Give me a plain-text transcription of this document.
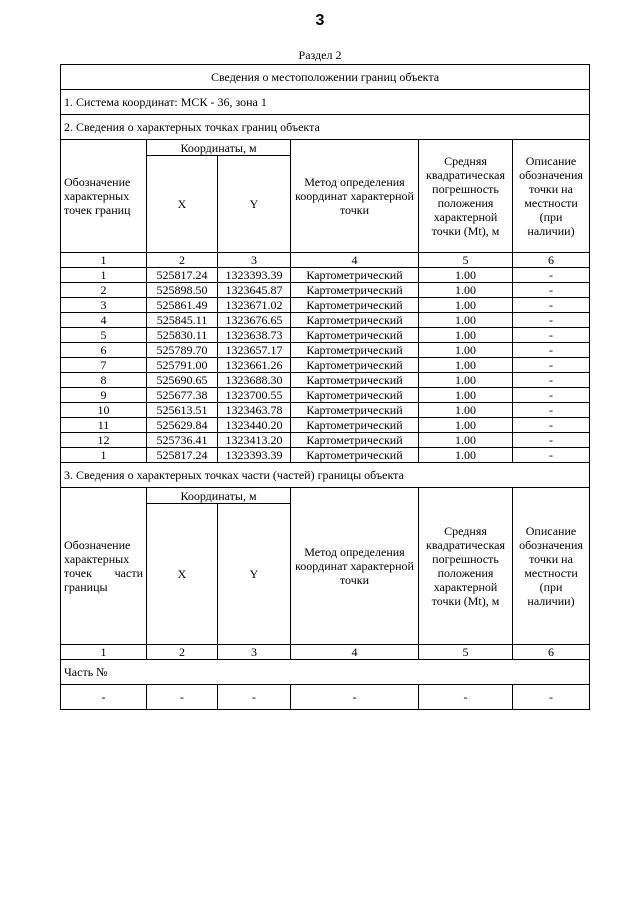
3
Раздел 2
Сведения о местоположении границ объекта					
1. Система координат: МСК - 36, зона 1					
2. Сведения о характерных точках границ объекта					
Обозначение характерных точек границ	Координаты, м		Метод определения координат характерной точки	Средняя квадратическая погрешность положения характерной точки (Mt), м	Описание обозначения точки на местности (при наличии)
	X	Y			
1	2	3	4	5	6
1	525817.24	1323393.39	Картометрический	1.00	-
2	525898.50	1323645.87	Картометрический	1.00	-
3	525861.49	1323671.02	Картометрический	1.00	-
4	525845.11	1323676.65	Картометрический	1.00	-
5	525830.11	1323638.73	Картометрический	1.00	-
6	525789.70	1323657.17	Картометрический	1.00	-
7	525791.00	1323661.26	Картометрический	1.00	-
8	525690.65	1323688.30	Картометрический	1.00	-
9	525677.38	1323700.55	Картометрический	1.00	-
10	525613.51	1323463.78	Картометрический	1.00	-
11	525629.84	1323440.20	Картометрический	1.00	-
12	525736.41	1323413.20	Картометрический	1.00	-
1	525817.24	1323393.39	Картометрический	1.00	-
3. Сведения о характерных точках части (частей) границы объекта					
Обозначение характерных точек части границы	Координаты, м		Метод определения координат характерной точки	Средняя квадратическая погрешность положения характерной точки (Mt), м	Описание обозначения точки на местности (при наличии)
	X	Y			
1	2	3	4	5	6
Часть №					
-	-	-	-	-	-
